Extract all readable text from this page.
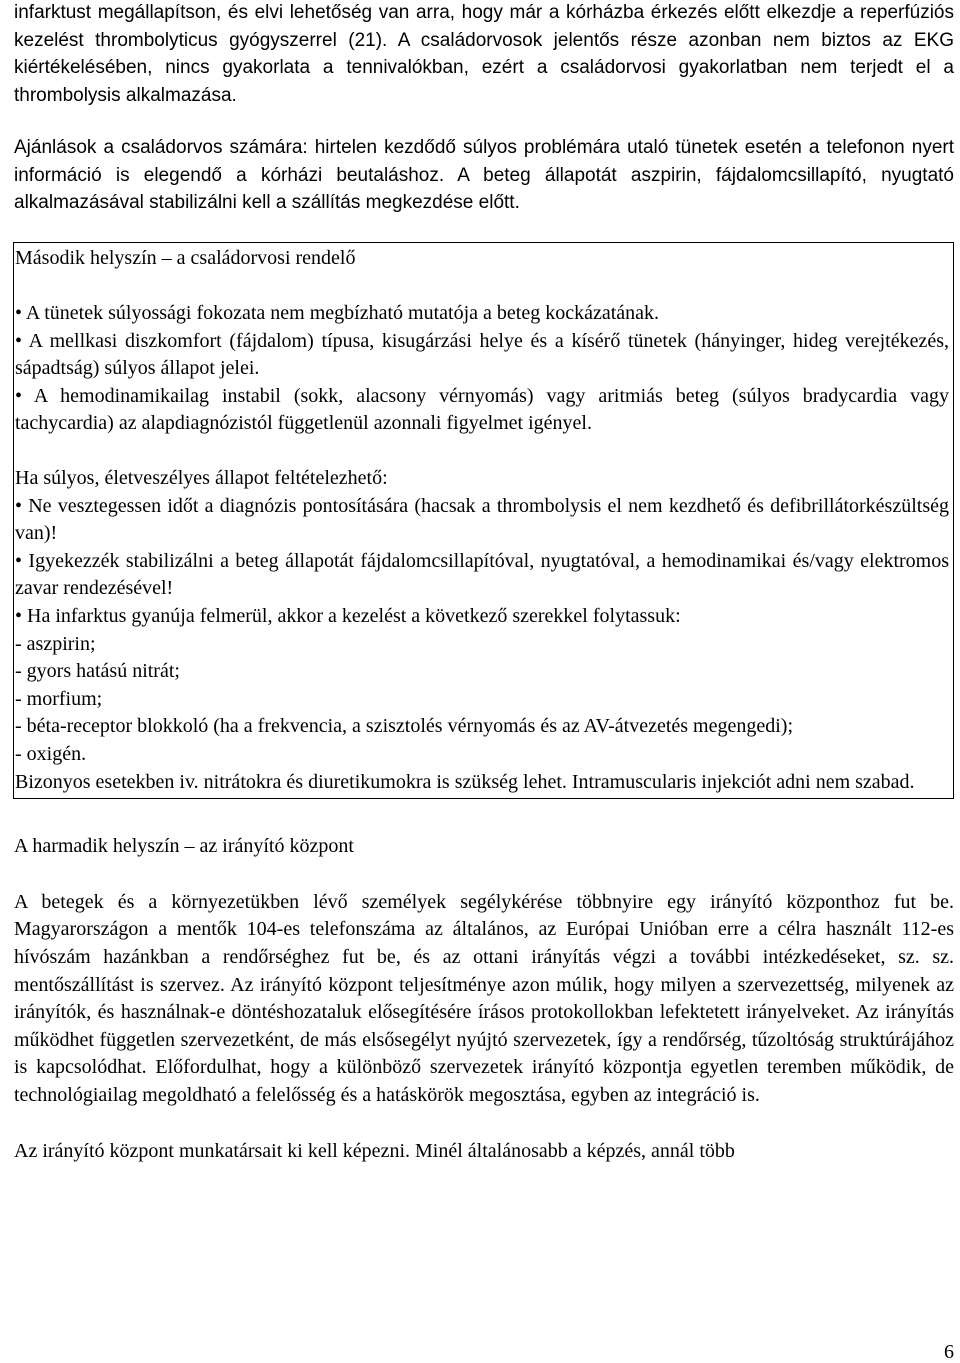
infarktust megállapítson, és elvi lehetőség van arra, hogy már a kórházba érkezés előtt elkezdje a reperfúziós kezelést thrombolyticus gyógyszerrel (21). A családorvosok jelentős része azonban nem biztos az EKG kiértékelésében, nincs gyakorlata a tennivalókban, ezért a családorvosi gyakorlatban nem terjedt el a thrombolysis alkalmazása.

Ajánlások a családorvos számára: hirtelen kezdődő súlyos problémára utaló tünetek esetén a telefonon nyert információ is elegendő a kórházi beutaláshoz. A beteg állapotát aszpirin, fájdalomcsillapító, nyugtató alkalmazásával stabilizálni kell a szállítás megkezdése előtt.

Második helyszín – a családorvosi rendelő

• A tünetek súlyossági fokozata nem megbízható mutatója a beteg kockázatának.

• A mellkasi diszkomfort (fájdalom) típusa, kisugárzási helye és a kísérő tünetek (hányinger, hideg verejtékezés, sápadtság) súlyos állapot jelei.

• A hemodinamikailag instabil (sokk, alacsony vérnyomás) vagy aritmiás beteg (súlyos bradycardia vagy tachycardia) az alapdiagnózistól függetlenül azonnali figyelmet igényel.

Ha súlyos, életveszélyes állapot feltételezhető:

• Ne vesztegessen időt a diagnózis pontosítására (hacsak a thrombolysis el nem kezdhető és defibrillátorkészültség van)!

• Igyekezzék stabilizálni a beteg állapotát fájdalomcsillapítóval, nyugtatóval, a hemodinamikai és/vagy elektromos zavar rendezésével!

• Ha infarktus gyanúja felmerül, akkor a kezelést a következő szerekkel folytassuk:

- aszpirin;

- gyors hatású nitrát;

- morfium;

- béta-receptor blokkoló (ha a frekvencia, a szisztolés vérnyomás és az AV-átvezetés megengedi);

- oxigén.

Bizonyos esetekben iv. nitrátokra és diuretikumokra is szükség lehet. Intramuscularis injekciót adni nem szabad.

A harmadik helyszín – az irányító központ

A betegek és a környezetükben lévő személyek segélykérése többnyire egy irányító központhoz fut be. Magyarországon a mentők 104-es telefonszáma az általános, az Európai Unióban erre a célra használt 112-es hívószám hazánkban a rendőrséghez fut be, és az ottani irányítás végzi a további intézkedéseket, sz. sz. mentőszállítást is szervez. Az irányító központ teljesítménye azon múlik, hogy milyen a szervezettség, milyenek az irányítók, és használnak-e döntéshozataluk elősegítésére írásos protokollokban lefektetett irányelveket. Az irányítás működhet független szervezetként, de más elsősegélyt nyújtó szervezetek, így a rendőrség, tűzoltóság struktúrájához is kapcsolódhat. Előfordulhat, hogy a különböző szervezetek irányító központja egyetlen teremben működik, de technológiailag megoldható a felelősség és a hatáskörök megosztása, egyben az integráció is.

Az irányító központ munkatársait ki kell képezni. Minél általánosabb a képzés, annál több

6
